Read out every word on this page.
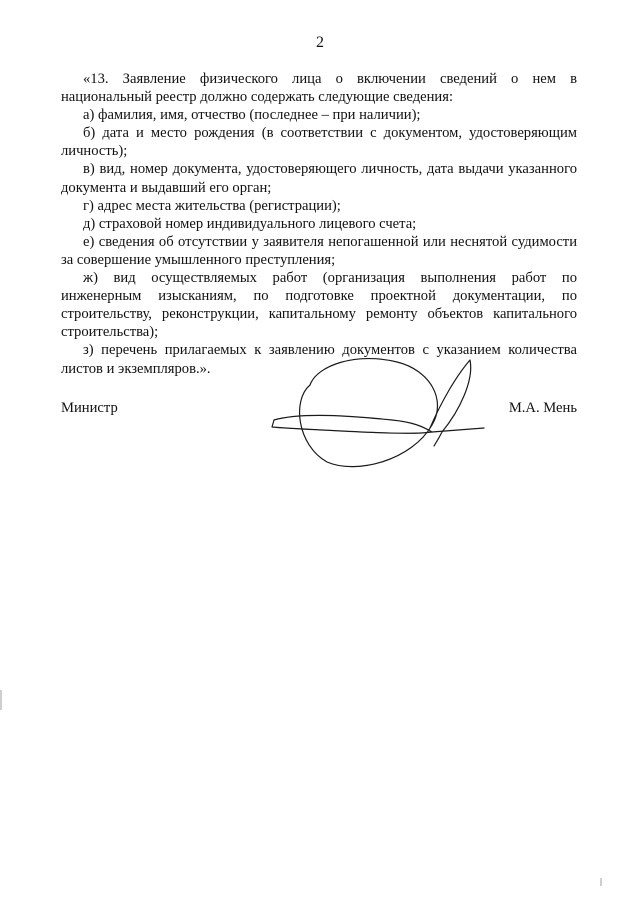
2

«13. Заявление физического лица о включении сведений о нем в национальный реестр должно содержать следующие сведения:

а) фамилия, имя, отчество (последнее – при наличии);

б) дата и место рождения (в соответствии с документом, удостоверяющим личность);

в) вид, номер документа, удостоверяющего личность, дата выдачи указанного документа и выдавший его орган;

г) адрес места жительства (регистрации);

д) страховой номер индивидуального лицевого счета;

е) сведения об отсутствии у заявителя непогашенной или неснятой судимости за совершение умышленного преступления;

ж) вид осуществляемых работ (организация выполнения работ по инженерным изысканиям, по подготовке проектной документации, по строительству, реконструкции, капитальному ремонту объектов капитального строительства);

з) перечень прилагаемых к заявлению документов с указанием количества листов и экземпляров.».

Министр	М.А. Мень
